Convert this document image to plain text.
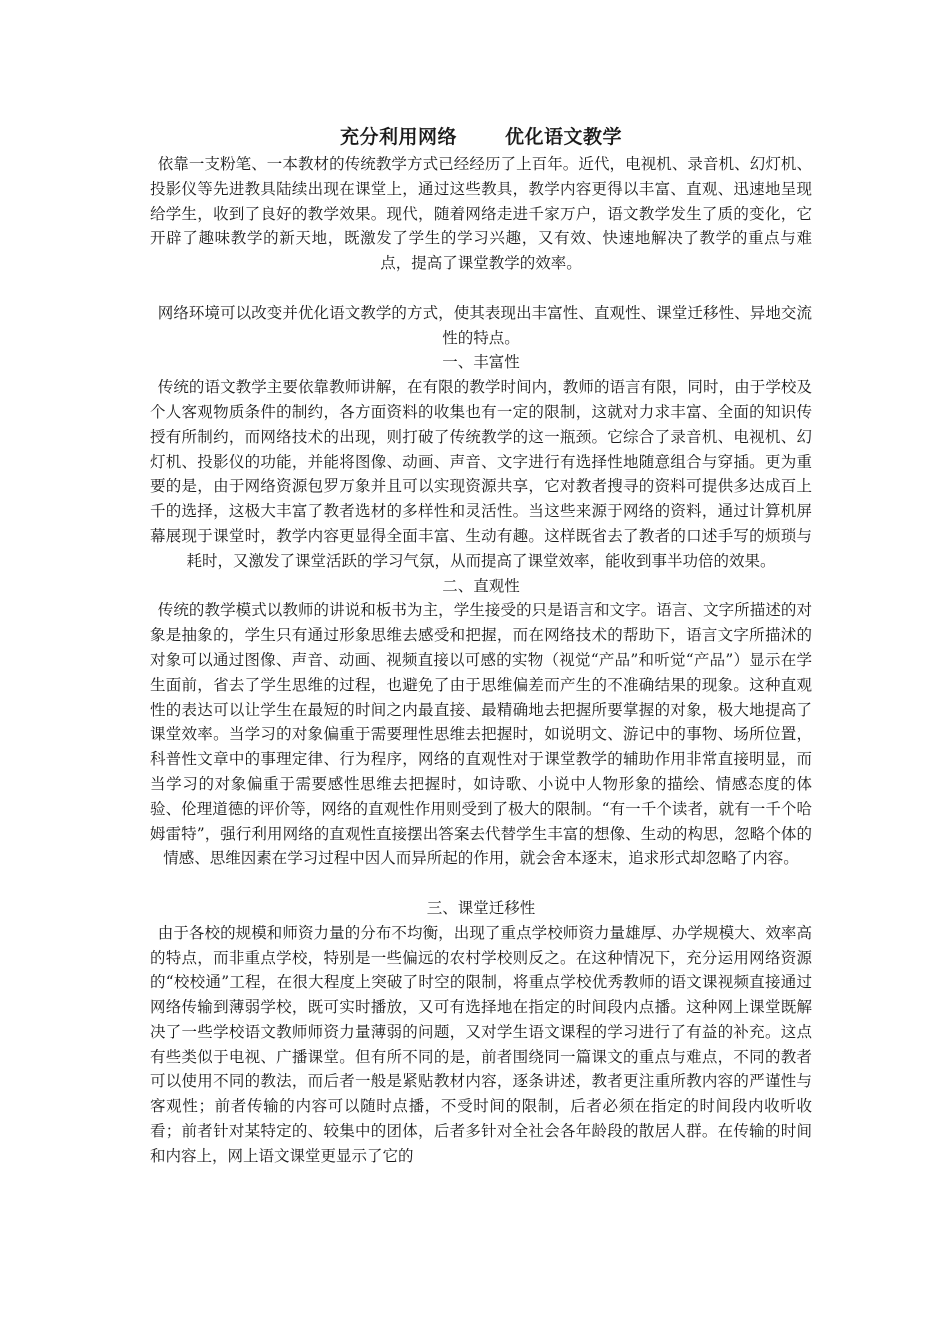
充分利用网络	优化语文教学

依靠一支粉笔、一本教材的传统教学方式已经经历了上百年。近代，电视机、录音机、幻灯机、投影仪等先进教具陆续出现在课堂上，通过这些教具，教学内容更得以丰富、直观、迅速地呈现给学生，收到了良好的教学效果。现代，随着网络走进千家万户，语文教学发生了质的变化，它开辟了趣味教学的新天地，既激发了学生的学习兴趣，又有效、快速地解决了教学的重点与难点，提高了课堂教学的效率。

网络环境可以改变并优化语文教学的方式，使其表现出丰富性、直观性、课堂迁移性、异地交流性的特点。

一、丰富性

传统的语文教学主要依靠教师讲解，在有限的教学时间内，教师的语言有限，同时，由于学校及个人客观物质条件的制约，各方面资料的收集也有一定的限制，这就对力求丰富、全面的知识传授有所制约，而网络技术的出现，则打破了传统教学的这一瓶颈。它综合了录音机、电视机、幻灯机、投影仪的功能，并能将图像、动画、声音、文字进行有选择性地随意组合与穿插。更为重要的是，由于网络资源包罗万象并且可以实现资源共享，它对教者搜寻的资料可提供多达成百上千的选择，这极大丰富了教者选材的多样性和灵活性。当这些来源于网络的资料，通过计算机屏幕展现于课堂时，教学内容更显得全面丰富、生动有趣。这样既省去了教者的口述手写的烦琐与耗时，又激发了课堂活跃的学习气氛，从而提高了课堂效率，能收到事半功倍的效果。

二、直观性

传统的教学模式以教师的讲说和板书为主，学生接受的只是语言和文字。语言、文字所描述的对象是抽象的，学生只有通过形象思维去感受和把握，而在网络技术的帮助下，语言文字所描沭的对象可以通过图像、声音、动画、视频直接以可感的实物（视觉“产品”和听觉“产品”）显示在学生面前，省去了学生思维的过程，也避免了由于思维偏差而产生的不准确结果的现象。这种直观性的表达可以让学生在最短的时间之内最直接、最精确地去把握所要掌握的对象，极大地提高了课堂效率。当学习的对象偏重于需要理性思维去把握时，如说明文、游记中的事物、场所位置，科普性文章中的事理定律、行为程序，网络的直观性对于课堂教学的辅助作用非常直接明显，而当学习的对象偏重于需要感性思维去把握时，如诗歌、小说中人物形象的描绘、情感态度的体验、伦理道德的评价等，网络的直观性作用则受到了极大的限制。“有一千个读者，就有一千个哈姆雷特”，强行利用网络的直观性直接摆出答案去代替学生丰富的想像、生动的构思，忽略个体的情感、思维因素在学习过程中因人而异所起的作用，就会舍本逐末，追求形式却忽略了内容。

三、课堂迁移性

由于各校的规模和师资力量的分布不均衡，出现了重点学校师资力量雄厚、办学规模大、效率高的特点，而非重点学校，特别是一些偏远的农村学校则反之。在这种情况下，充分运用网络资源的“校校通”工程，在很大程度上突破了时空的限制，将重点学校优秀教师的语文课视频直接通过网络传输到薄弱学校，既可实时播放，又可有选择地在指定的时间段内点播。这种网上课堂既解决了一些学校语文教师师资力量薄弱的问题，又对学生语文课程的学习进行了有益的补充。这点有些类似于电视、广播课堂。但有所不同的是，前者围绕同一篇课文的重点与难点，不同的教者可以使用不同的教法，而后者一般是紧贴教材内容，逐条讲述，教者更注重所教内容的严谨性与客观性；前者传输的内容可以随时点播，不受时间的限制，后者必须在指定的时间段内收听收看；前者针对某特定的、较集中的团体，后者多针对全社会各年龄段的散居人群。在传输的时间和内容上，网上语文课堂更显示了它的
